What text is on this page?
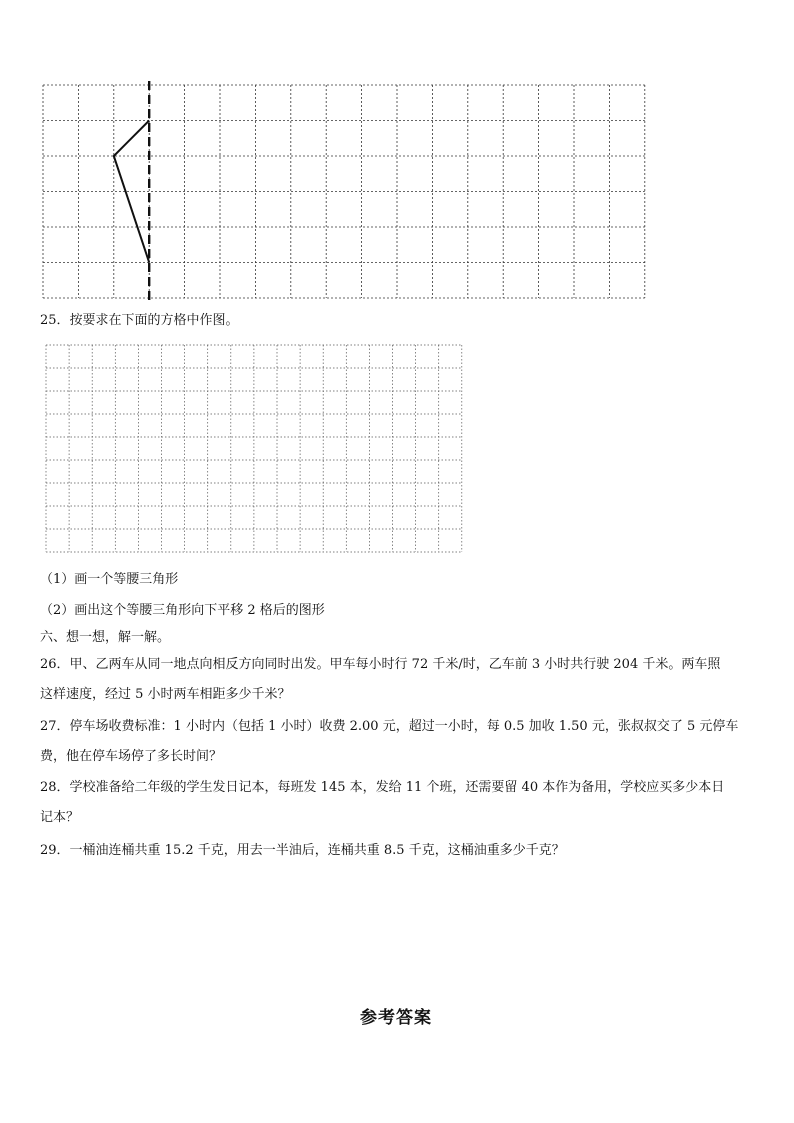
25．按要求在下面的方格中作图。
（1）画一个等腰三角形
（2）画出这个等腰三角形向下平移 2 格后的图形
六、想一想，解一解。
26．甲、乙两车从同一地点向相反方向同时出发。甲车每小时行 72 千米/时，乙车前 3 小时共行驶 204 千米。两车照
这样速度，经过 5 小时两车相距多少千米？
27．停车场收费标准：1 小时内（包括 1 小时）收费 2.00 元，超过一小时，每 0.5 加收 1.50 元，张叔叔交了 5 元停车
费，他在停车场停了多长时间？
28．学校准备给二年级的学生发日记本，每班发 145 本，发给 11 个班，还需要留 40 本作为备用，学校应买多少本日
记本？
29．一桶油连桶共重 15.2 千克，用去一半油后，连桶共重 8.5 千克，这桶油重多少千克？
参考答案
